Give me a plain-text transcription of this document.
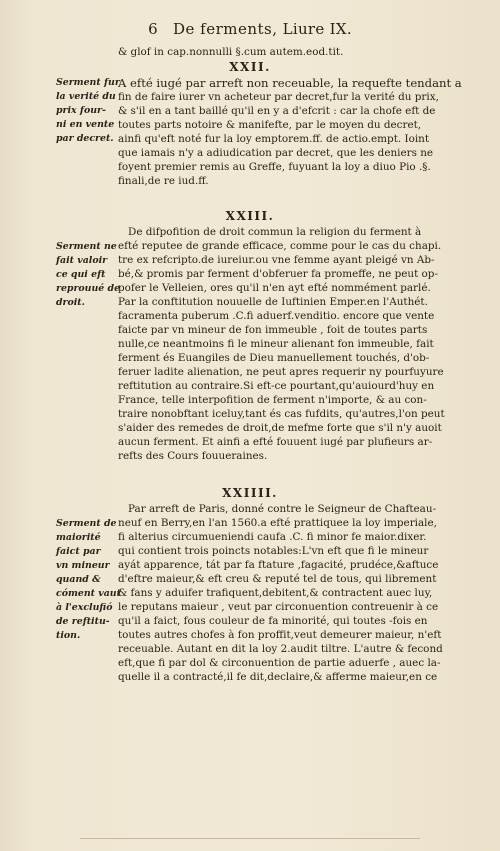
6 De ferments, Liure IX.
& glof in cap.nonnulli §.cum autem.eod.tit.
XXII.
A efté iugé par arreft non receuable, la requefte tendant a
fin de faire iurer vn acheteur par decret,fur la verité du prix,
& s'il en a tant baillé qu'il en y a d'efcrit : car la chofe eft de
toutes parts notoire & manifefte, par le moyen du decret,
ainfi qu'eft noté fur la loy emptorem.ff. de actio.empt. Ioint
que iamais n'y a adiudication par decret, que les deniers ne
foyent premier remis au Greffe, fuyuant la loy a diuo Pio .§.
finali,de re iud.ff.
Serment fur
la verité du
prix four-
ni en vente
par decret.
XXIII.
De difpofition de droit commun la religion du ferment à
efté reputee de grande efficace, comme pour le cas du chapi.
tre ex refcripto.de iureiur.ou vne femme ayant pleigé vn Ab-
bé,& promis par ferment d'obferuer fa promeffe, ne peut op-
pofer le Velleien, ores qu'il n'en ayt efté nommément parlé.
Par la conftitution nouuelle de Iuftinien Emper.en l'Authét.
facramenta puberum .C.fi aduerf.venditio. encore que vente
faicte par vn mineur de fon immeuble , foit de toutes parts
nulle,ce neantmoins fi le mineur alienant fon immeuble, fait
ferment és Euangiles de Dieu manuellement touchés, d'ob-
feruer ladite alienation, ne peut apres requerir ny pourfuyure
reftitution au contraire.Si eft-ce pourtant,qu'auiourd'huy en
France, telle interpofition de ferment n'importe, & au con-
traire nonobftant iceluy,tant és cas fufdits, qu'autres,l'on peut
s'aider des remedes de droit,de mefme forte que s'il n'y auoit
aucun ferment. Et ainfi a efté fouuent iugé par plufieurs ar-
refts des Cours fouueraines.
Serment ne
fait valoir
ce qui eft
reprouué de
droit.
XXIIII.
Par arreft de Paris, donné contre le Seigneur de Chafteau-
neuf en Berry,en l'an 1560.a efté prattiquee la loy imperiale,
fi alterius circumueniendi caufa .C. fi minor fe maior.dixer.
qui contient trois poincts notables:L'vn eft que fi le mineur
ayát apparence, tát par fa ftature ,fagacité, prudéce,&aftuce
d'eftre maieur,& eft creu & reputé tel de tous, qui librement
& fans y aduifer trafiquent,debitent,& contractent auec luy,
le reputans maieur , veut par circonuention contreuenir à ce
qu'il a faict, fous couleur de fa minorité, qui toutes -fois en
toutes autres chofes à fon proffit,veut demeurer maieur, n'eft
receuable. Autant en dit la loy 2.audit tiltre. L'autre & fecond
eft,que fi par dol & circonuention de partie aduerfe , auec la-
quelle il a contracté,il fe dit,declaire,& afferme maieur,en ce
Serment de
maiorité
faict par
vn mineur
quand &
cóment vaut
à l'exclufió
de reftitu-
tion.
